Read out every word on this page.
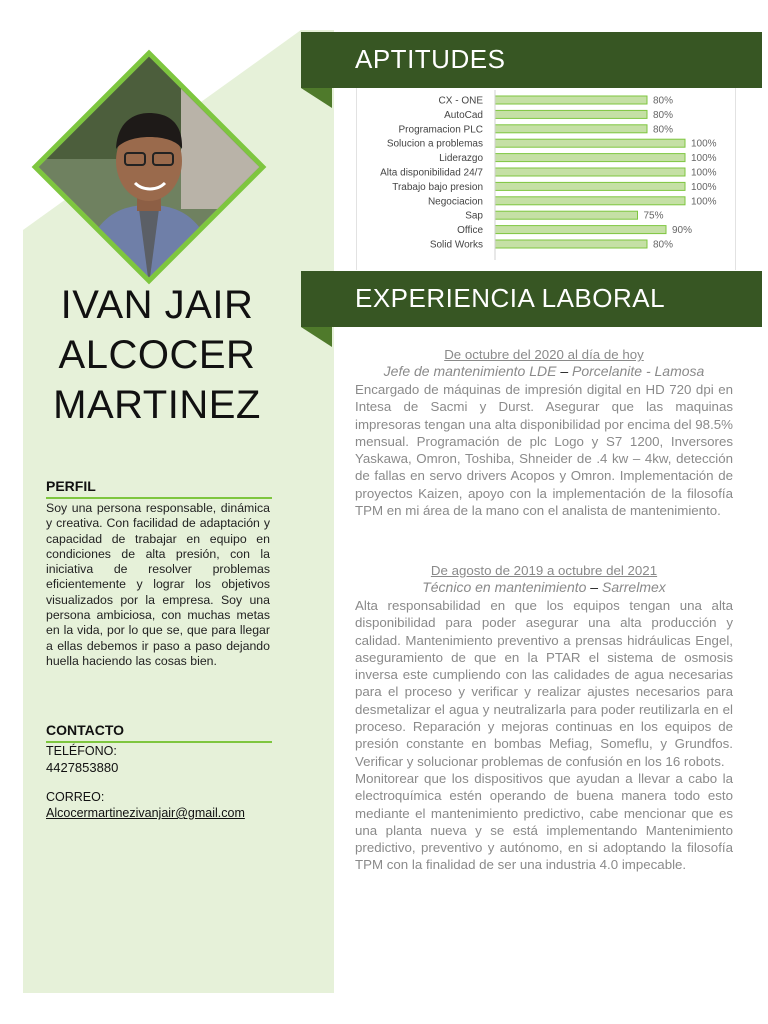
IVAN JAIR
ALCOCER
MARTINEZ
PERFIL
Soy una persona responsable, dinámica y creativa. Con facilidad de adaptación y capacidad de trabajar en equipo en condiciones de alta presión, con la iniciativa de resolver problemas eficientemente y lograr los objetivos visualizados por la empresa. Soy una persona ambiciosa, con muchas metas en la vida, por lo que se, que para llegar a ellas debemos ir paso a paso dejando huella haciendo las cosas bien.
CONTACTO
TELÉFONO:
4427853880
CORREO:
Alcocermartinezivanjair@gmail.com
APTITUDES
CX - ONE	80%
AutoCad	80%
Programacion PLC	80%
Solucion a problemas	100%
Liderazgo	100%
Alta disponibilidad 24/7	100%
Trabajo bajo presion	100%
Negociacion	100%
Sap	75%
Office	90%
Solid Works	80%
EXPERIENCIA LABORAL
De octubre del 2020 al día de hoy
Jefe de mantenimiento LDE – Porcelanite - Lamosa
Encargado de máquinas de impresión digital en HD 720 dpi en Intesa de Sacmi y Durst. Asegurar que las maquinas impresoras tengan una alta disponibilidad por encima del 98.5% mensual. Programación de plc Logo y S7 1200, Inversores Yaskawa, Omron, Toshiba, Shneider de .4 kw – 4kw, detección de fallas en servo drivers Acopos y Omron. Implementación de proyectos Kaizen, apoyo con la implementación de la filosofía TPM en mi área de la mano con el analista de mantenimiento.
De agosto de 2019 a octubre del 2021
Técnico en mantenimiento – Sarrelmex
Alta responsabilidad en que los equipos tengan una alta disponibilidad para poder asegurar una alta producción y calidad. Mantenimiento preventivo a prensas hidráulicas Engel, aseguramiento de que en la PTAR el sistema de osmosis inversa este cumpliendo con las calidades de agua necesarias para el proceso y verificar y realizar ajustes necesarios para desmetalizar el agua y neutralizarla para poder reutilizarla en el proceso. Reparación y mejoras continuas en los equipos de presión constante en bombas Mefiag, Someflu, y Grundfos. Verificar y solucionar problemas de confusión en los 16 robots.
Monitorear que los dispositivos que ayudan a llevar a cabo la electroquímica estén operando de buena manera todo esto mediante el mantenimiento predictivo, cabe mencionar que es una planta nueva y se está implementando Mantenimiento predictivo, preventivo y autónomo, en si adoptando la filosofía TPM con la finalidad de ser una industria 4.0 impecable.
